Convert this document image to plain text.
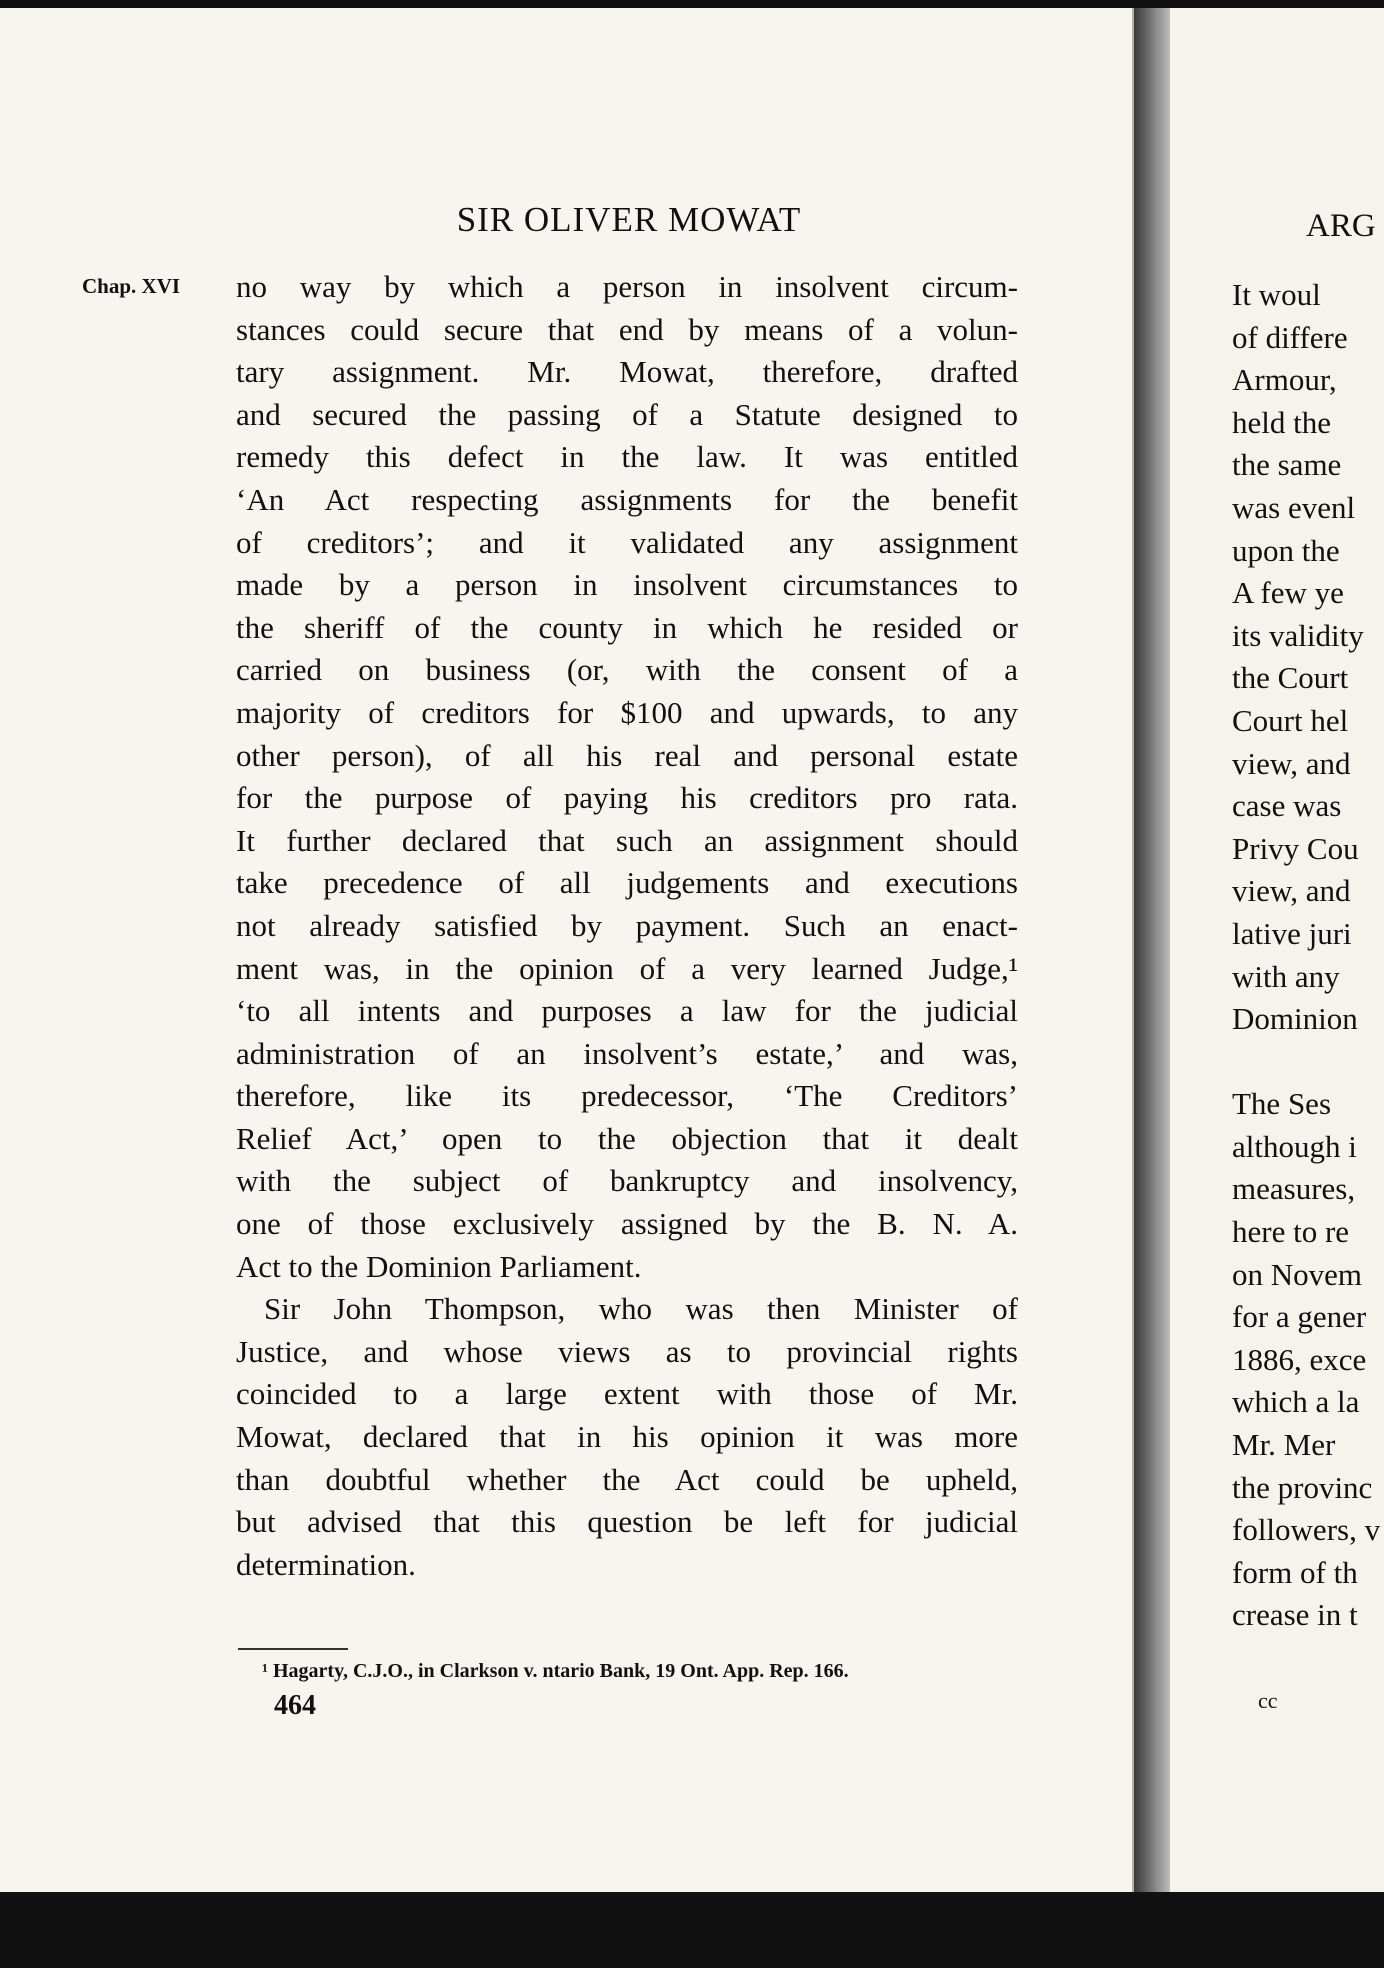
SIR OLIVER MOWAT
Chap. XVI no way by which a person in insolvent circum-
stances could secure that end by means of a volun-
tary assignment. Mr. Mowat, therefore, drafted
and secured the passing of a Statute designed to
remedy this defect in the law. It was entitled
‘An Act respecting assignments for the benefit
of creditors’; and it validated any assignment
made by a person in insolvent circumstances to
the sheriff of the county in which he resided or
carried on business (or, with the consent of a
majority of creditors for $100 and upwards, to any
other person), of all his real and personal estate
for the purpose of paying his creditors pro rata.
It further declared that such an assignment should
take precedence of all judgements and executions
not already satisfied by payment. Such an enact-
ment was, in the opinion of a very learned Judge,¹
‘to all intents and purposes a law for the judicial
administration of an insolvent’s estate,’ and was,
therefore, like its predecessor, ‘The Creditors’
Relief Act,’ open to the objection that it dealt
with the subject of bankruptcy and insolvency,
one of those exclusively assigned by the B. N. A.
Act to the Dominion Parliament.
Sir John Thompson, who was then Minister of
Justice, and whose views as to provincial rights
coincided to a large extent with those of Mr.
Mowat, declared that in his opinion it was more
than doubtful whether the Act could be upheld,
but advised that this question be left for judicial
determination.
¹ Hagarty, C.J.O., in Clarkson v. ntario Bank, 19 Ont. App. Rep. 166.
464
ARG
It woul
of differe
Armour,
held the
the same
was evenl
upon the
A few ye
its validity
the Court
Court hel
view, and
case was
Privy Cou
view, and
lative juri
with any
Dominion
The Ses
although i
measures,
here to re
on Novem
for a gener
1886, exce
which a la
Mr. Mer
the provinc
followers, v
form of th
crease in t
cc
